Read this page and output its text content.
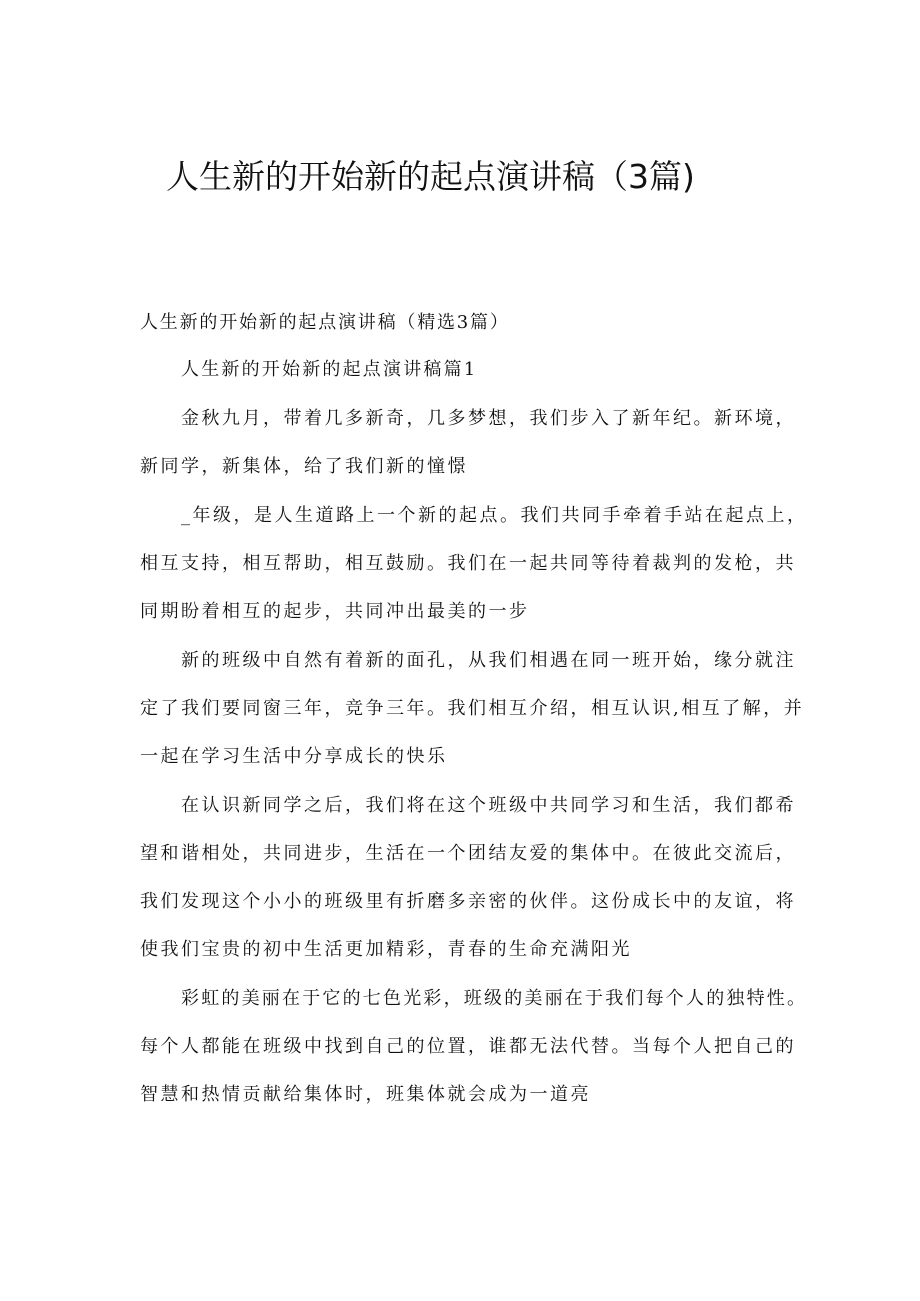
人生新的开始新的起点演讲稿（3篇)
人生新的开始新的起点演讲稿（精选3篇）
人生新的开始新的起点演讲稿篇1
金秋九月，带着几多新奇，几多梦想，我们步入了新年纪。新环境，
新同学，新集体，给了我们新的憧憬
_年级，是人生道路上一个新的起点。我们共同手牵着手站在起点上，
相互支持，相互帮助，相互鼓励。我们在一起共同等待着裁判的发枪，共
同期盼着相互的起步，共同冲出最美的一步
新的班级中自然有着新的面孔，从我们相遇在同一班开始，缘分就注
定了我们要同窗三年，竞争三年。我们相互介绍，相互认识,相互了解，并
一起在学习生活中分享成长的快乐
在认识新同学之后，我们将在这个班级中共同学习和生活，我们都希
望和谐相处，共同进步，生活在一个团结友爱的集体中。在彼此交流后，
我们发现这个小小的班级里有折磨多亲密的伙伴。这份成长中的友谊，将
使我们宝贵的初中生活更加精彩，青春的生命充满阳光
彩虹的美丽在于它的七色光彩，班级的美丽在于我们每个人的独特性。
每个人都能在班级中找到自己的位置，谁都无法代替。当每个人把自己的
智慧和热情贡献给集体时，班集体就会成为一道亮
